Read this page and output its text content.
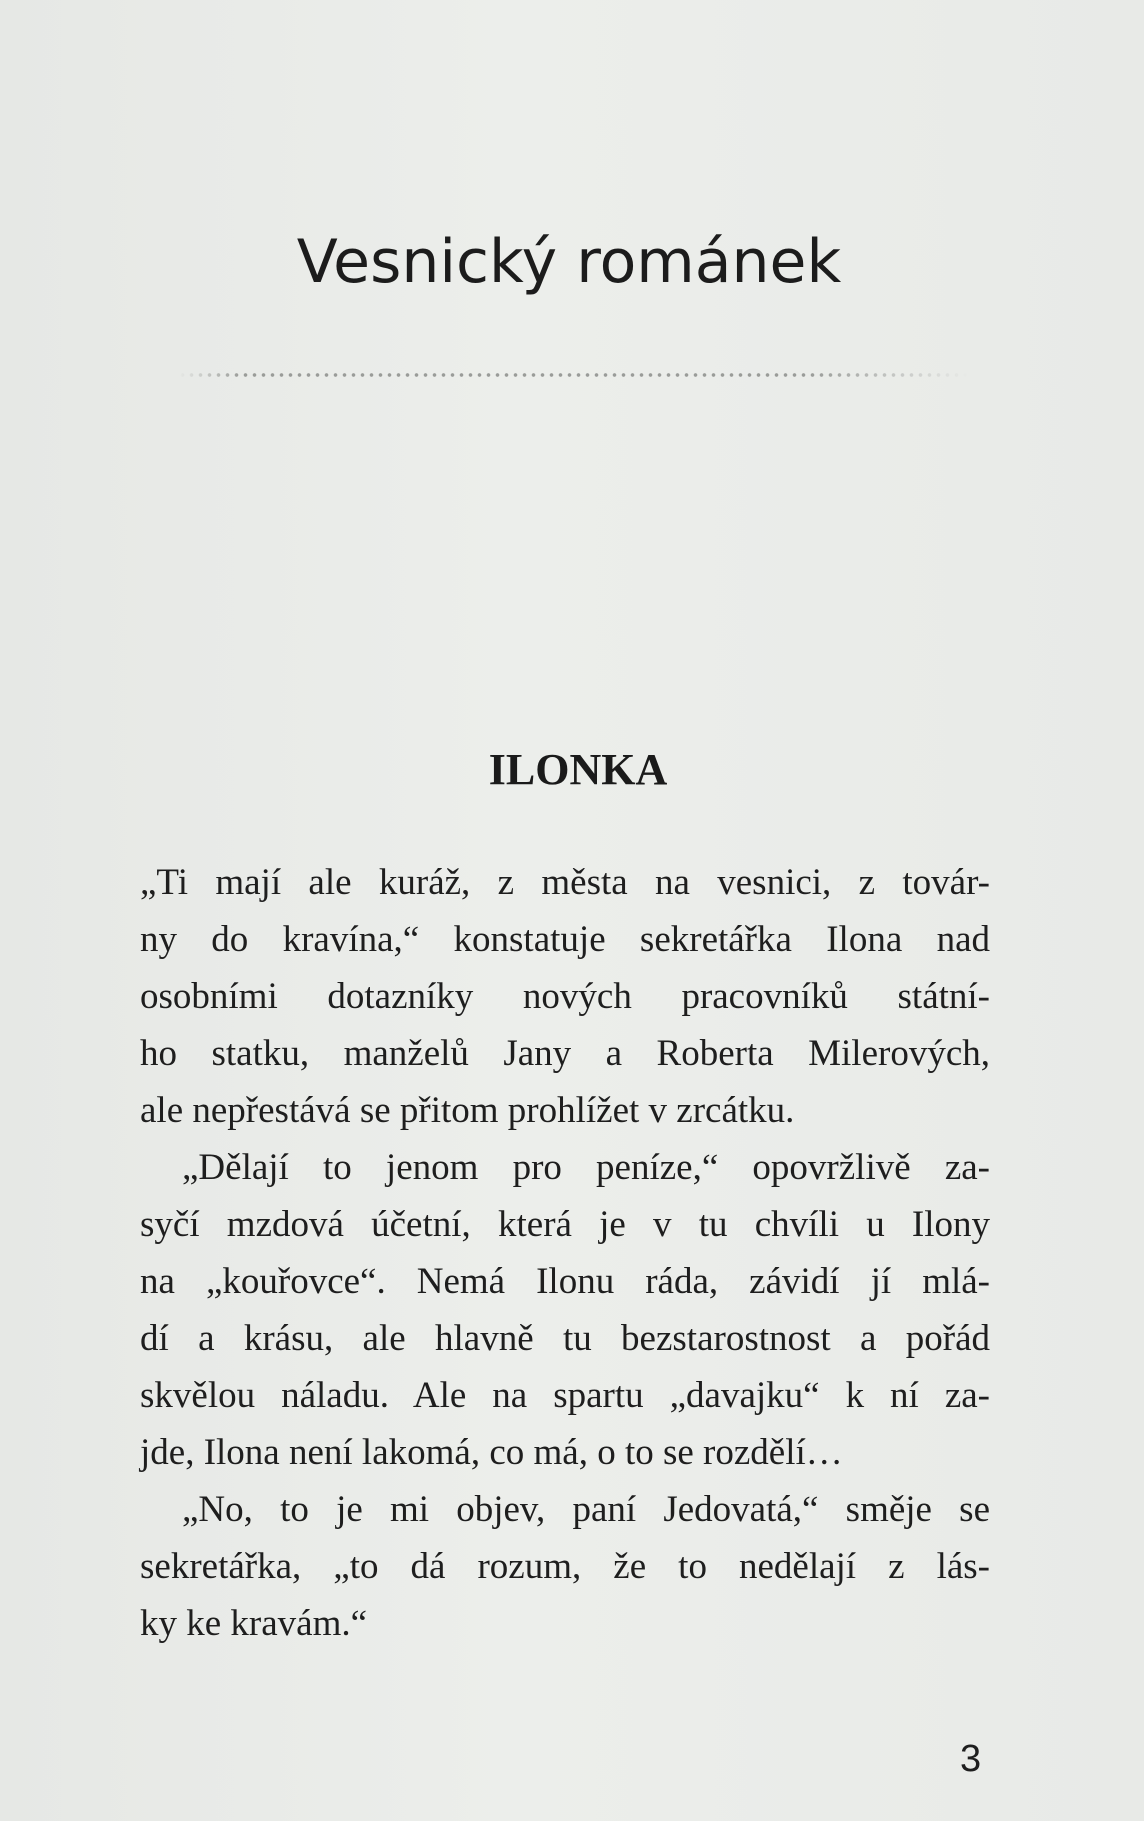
Vesnický románek
ILONKA
„Ti mají ale kuráž, z města na vesnici, z továr-
ny do kravína,“ konstatuje sekretářka Ilona nad
osobními dotazníky nových pracovníků státní-
ho statku, manželů Jany a Roberta Milerových,
ale nepřestává se přitom prohlížet v zrcátku.
„Dělají to jenom pro peníze,“ opovržlivě za-
syčí mzdová účetní, která je v tu chvíli u Ilony
na „kouřovce“. Nemá Ilonu ráda, závidí jí mlá-
dí a krásu, ale hlavně tu bezstarostnost a pořád
skvělou náladu. Ale na spartu „davajku“ k ní za-
jde, Ilona není lakomá, co má, o to se rozdělí…
„No, to je mi objev, paní Jedovatá,“ směje se
sekretářka, „to dá rozum, že to nedělají z lás-
ky ke kravám.“
3
